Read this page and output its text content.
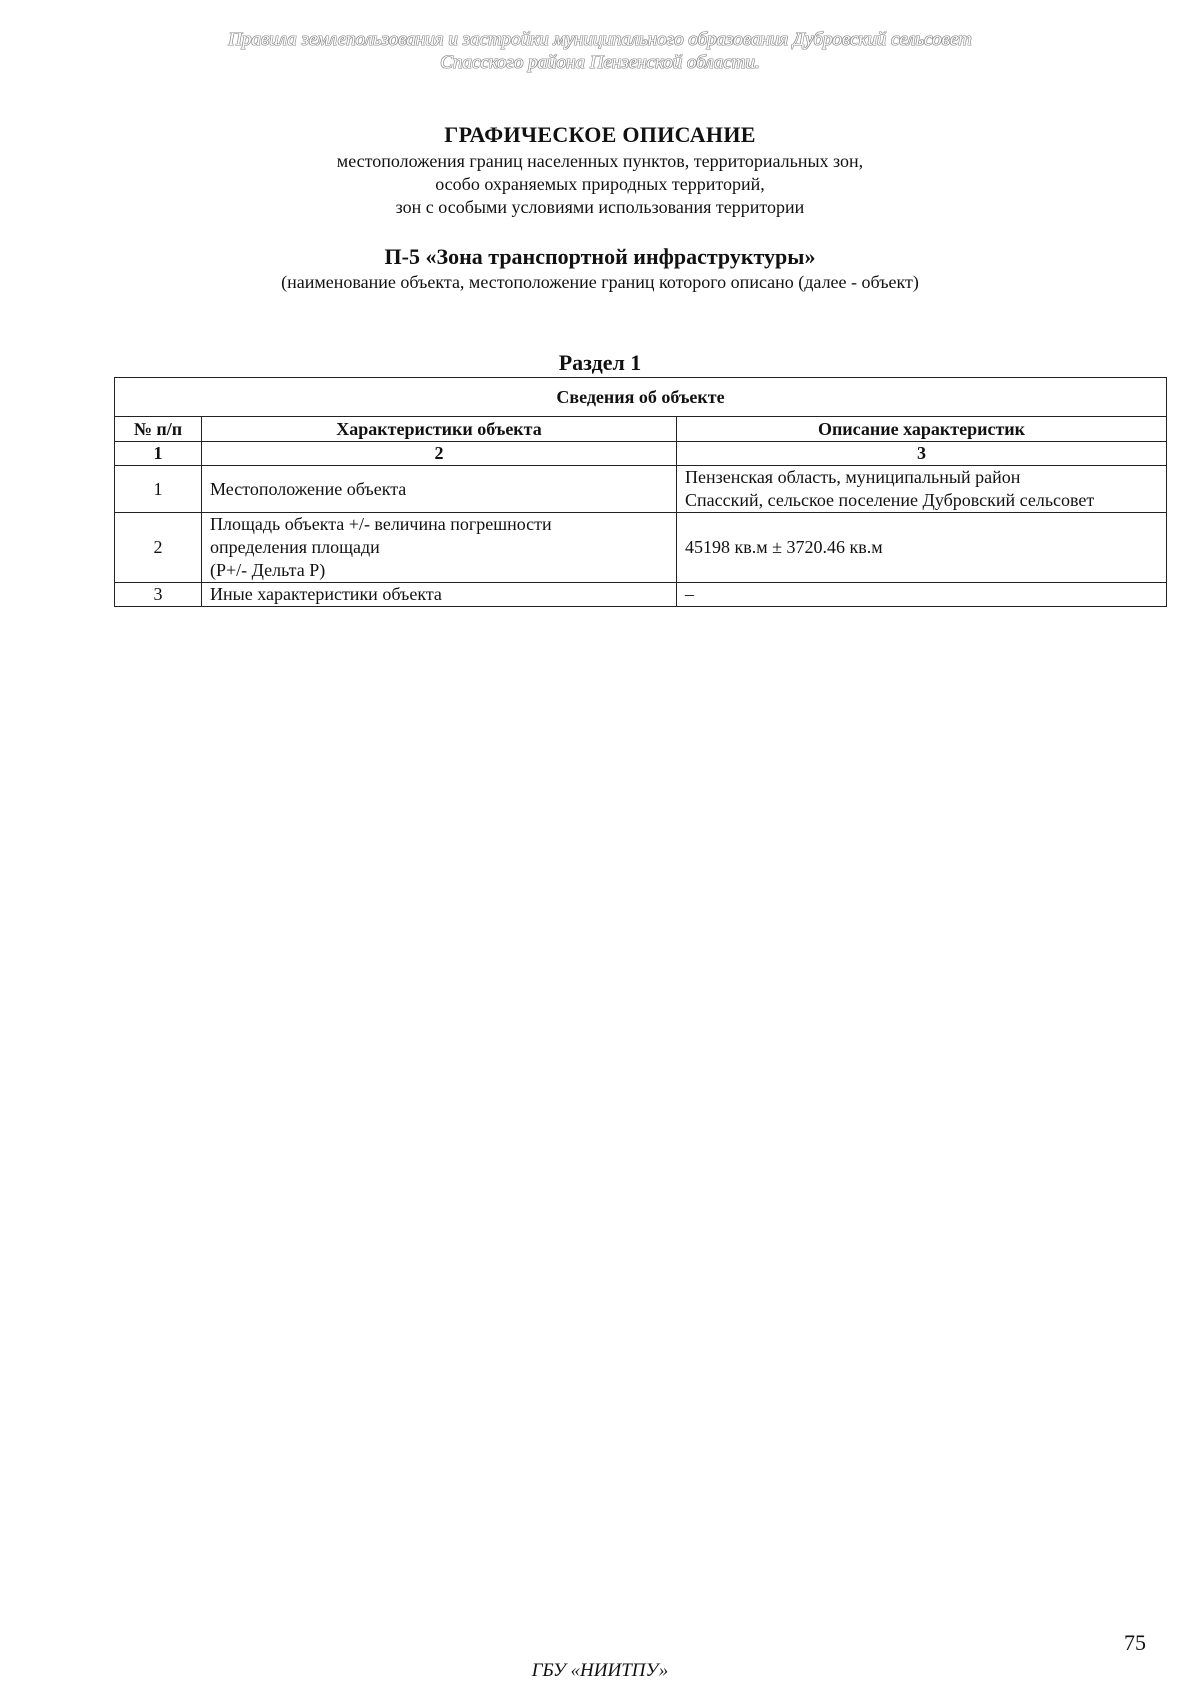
Правила землепользования и застройки муниципального образования Дубровский сельсовет
Спасского района Пензенской области.
ГРАФИЧЕСКОЕ ОПИСАНИЕ
местоположения границ населенных пунктов, территориальных зон,
особо охраняемых природных территорий,
зон с особыми условиями использования территории
П-5 «Зона транспортной инфраструктуры»
(наименование объекта, местоположение границ которого описано (далее - объект)
Раздел 1
Сведения об объекте		
№ п/п	Характеристики объекта	Описание характеристик
1	2	3
1	Местоположение объекта	Пензенская область, муниципальный район
Спасский, сельское поселение Дубровский сельсовет

2	Площадь объекта +/- величина погрешности
определения площади
(P+/- Дельта P)	45198 кв.м ± 3720.46 кв.м

3	Иные характеристики объекта	–
75
ГБУ «НИИТПУ»
